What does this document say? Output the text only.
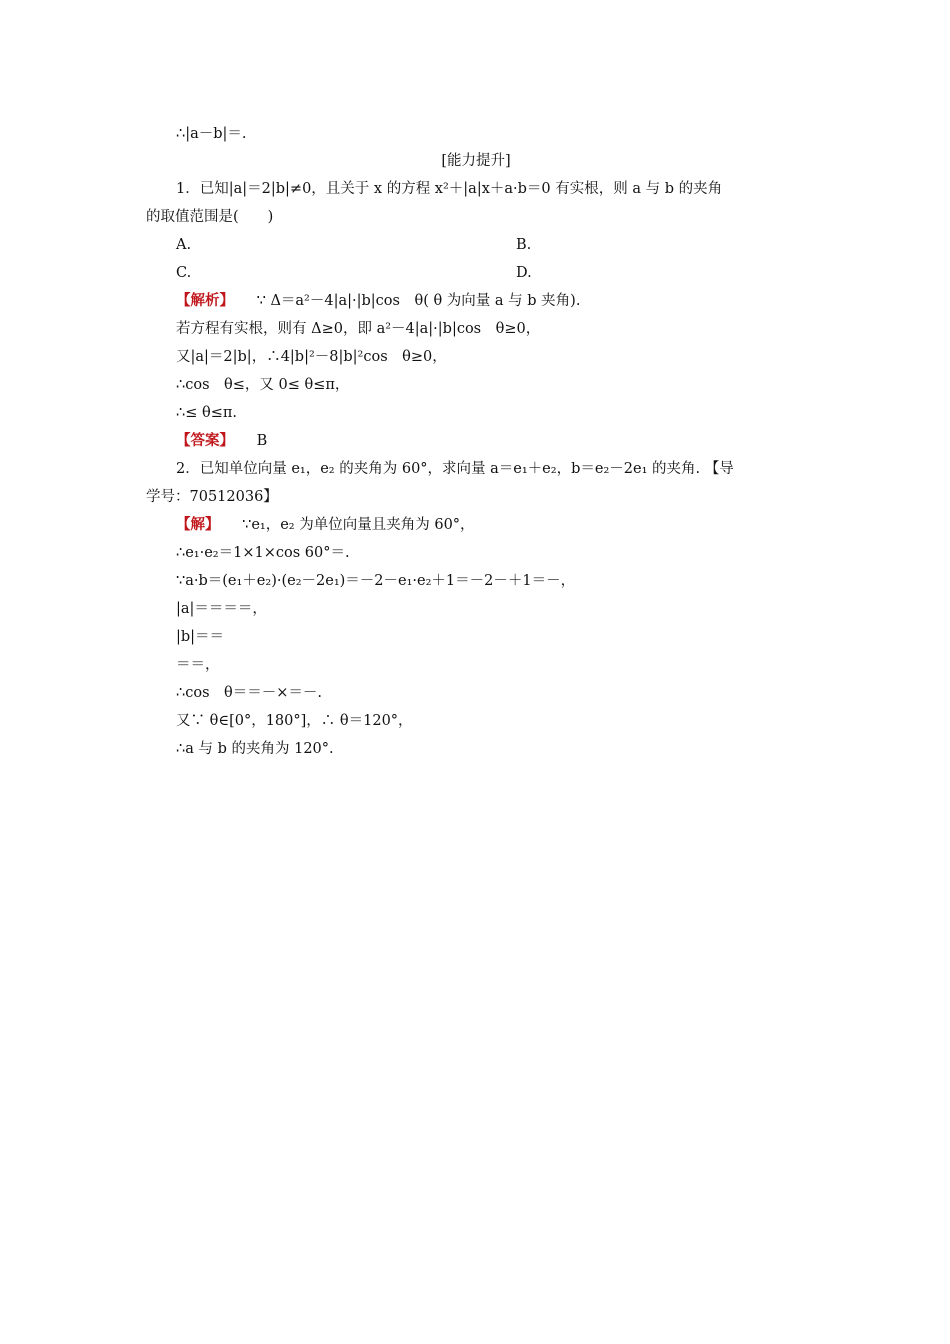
∴|a－b|＝.
[能力提升]
1．已知|a|＝2|b|≠0，且关于 x 的方程 x²＋|a|x＋a·b＝0 有实根，则 a 与 b 的夹角
的取值范围是(　　)
A.	B.
C.	D.
【解析】 ∵ Δ＝a²－4|a|·|b|cos　θ( θ 为向量 a 与 b 夹角).
若方程有实根，则有 Δ≥0，即 a²－4|a|·|b|cos　θ≥0，
又|a|＝2|b|，∴4|b|²－8|b|²cos　θ≥0，
∴cos　θ≤，又 0≤ θ≤π，
∴≤ θ≤π.
【答案】 B
2．已知单位向量 e₁，e₂ 的夹角为 60°，求向量 a＝e₁＋e₂，b＝e₂－2e₁ 的夹角. 【导
学号：70512036】
【解】 ∵e₁，e₂ 为单位向量且夹角为 60°，
∴e₁·e₂＝1×1×cos 60°＝.
∵a·b＝(e₁＋e₂)·(e₂－2e₁)＝－2－e₁·e₂＋1＝－2－＋1＝－，
|a|＝＝＝＝，
|b|＝＝
＝＝，
∴cos　θ＝＝－×＝－.
又∵ θ∈[0°，180°]，∴ θ＝120°，
∴a 与 b 的夹角为 120°.
